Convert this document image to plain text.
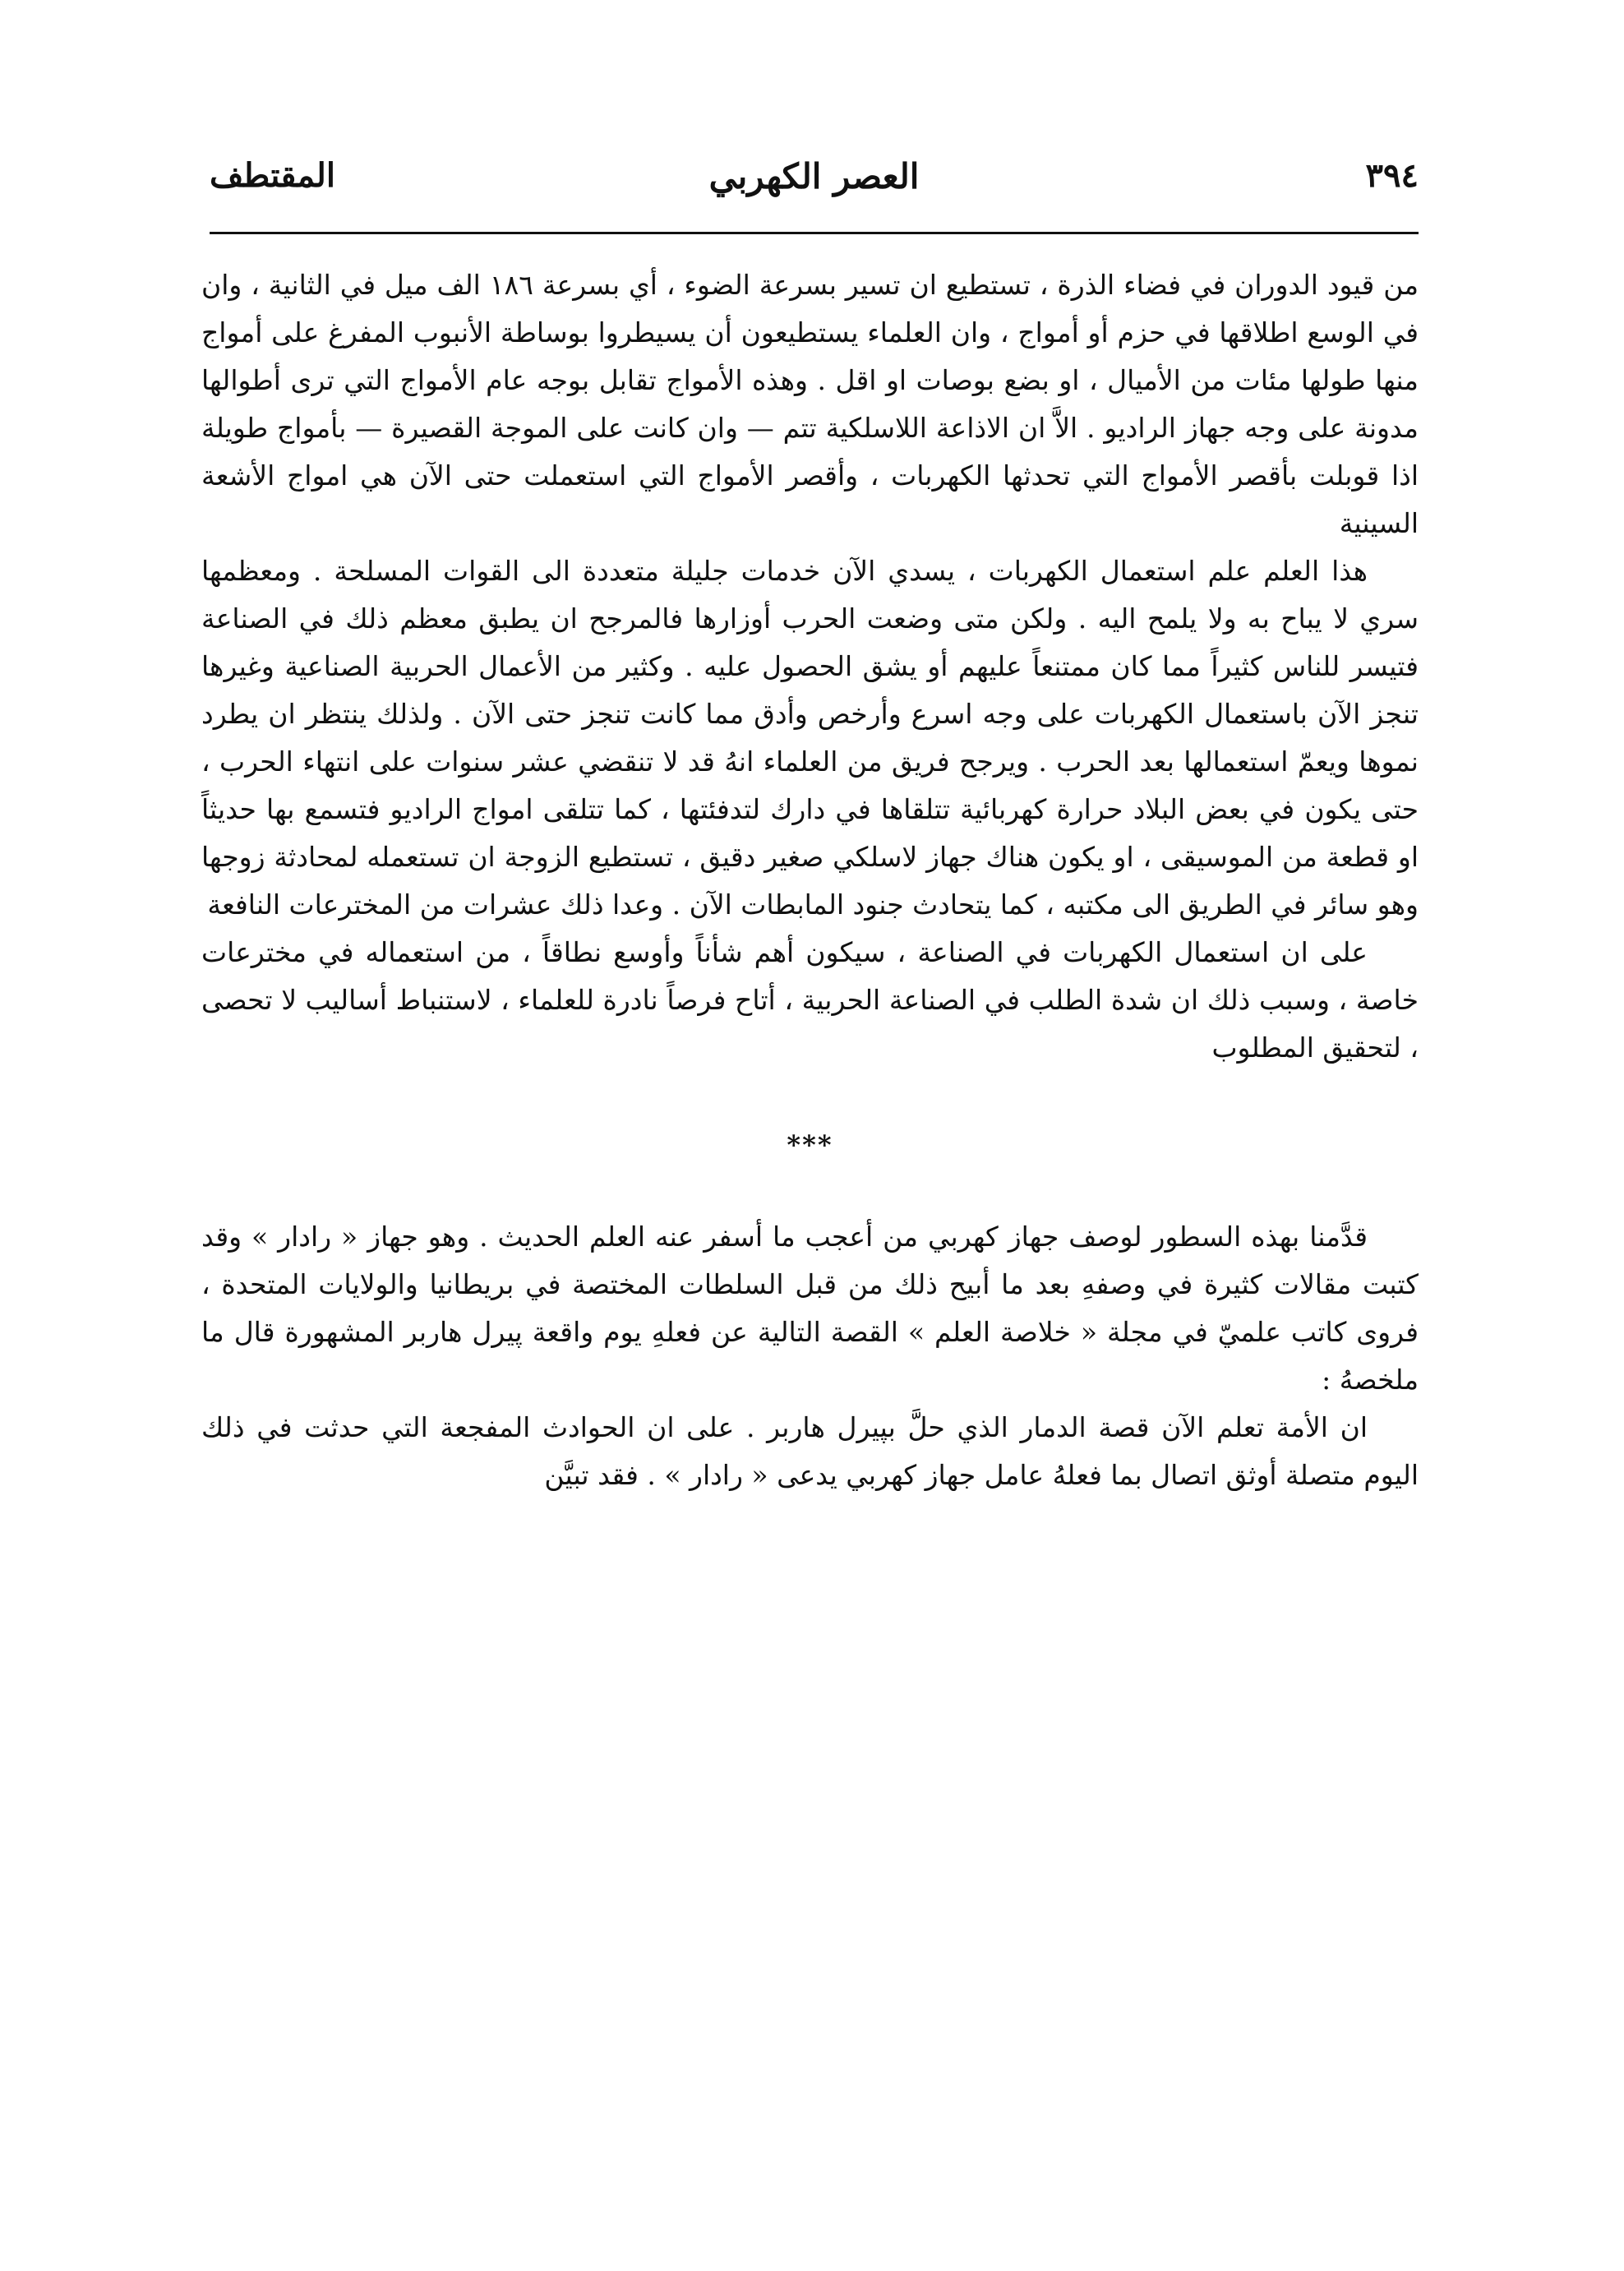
٣٩٤
العصر الكهربي
المقتطف

من قيود الدوران في فضاء الذرة ، تستطيع ان تسير بسرعة الضوء ، أي بسرعة ١٨٦ الف ميل في الثانية ، وان في الوسع اطلاقها في حزم أو أمواج ، وان العلماء يستطيعون أن يسيطروا بوساطة الأنبوب المفرغ على أمواج منها طولها مئات من الأميال ، او بضع بوصات او اقل . وهذه الأمواج تقابل بوجه عام الأمواج التي ترى أطوالها مدونة على وجه جهاز الراديو . الاَّ ان الاذاعة اللاسلكية تتم — وان كانت على الموجة القصيرة — بأمواج طويلة اذا قوبلت بأقصر الأمواج التي تحدثها الكهربات ، وأقصر الأمواج التي استعملت حتى الآن هي امواج الأشعة السينية

هذا العلم علم استعمال الكهربات ، يسدي الآن خدمات جليلة متعددة الى القوات المسلحة . ومعظمها سري لا يباح به ولا يلمح اليه . ولكن متى وضعت الحرب أوزارها فالمرجح ان يطبق معظم ذلك في الصناعة فتيسر للناس كثيراً مما كان ممتنعاً عليهم أو يشق الحصول عليه . وكثير من الأعمال الحربية الصناعية وغيرها تنجز الآن باستعمال الكهربات على وجه اسرع وأرخص وأدق مما كانت تنجز حتى الآن . ولذلك ينتظر ان يطرد نموها ويعمّ استعمالها بعد الحرب . ويرجح فريق من العلماء انهُ قد لا تنقضي عشر سنوات على انتهاء الحرب ، حتى يكون في بعض البلاد حرارة كهربائية تتلقاها في دارك لتدفئتها ، كما تتلقى امواج الراديو فتسمع بها حديثاً او قطعة من الموسيقى ، او يكون هناك جهاز لاسلكي صغير دقيق ، تستطيع الزوجة ان تستعمله لمحادثة زوجها وهو سائر في الطريق الى مكتبه ، كما يتحادث جنود المابطات الآن . وعدا ذلك عشرات من المخترعات النافعة

على ان استعمال الكهربات في الصناعة ، سيكون أهم شأناً وأوسع نطاقاً ، من استعماله في مخترعات خاصة ، وسبب ذلك ان شدة الطلب في الصناعة الحربية ، أتاح فرصاً نادرة للعلماء ، لاستنباط أساليب لا تحصى ، لتحقيق المطلوب

***

قدَّمنا بهذه السطور لوصف جهاز كهربي من أعجب ما أسفر عنه العلم الحديث . وهو جهاز « رادار » وقد كتبت مقالات كثيرة في وصفهِ بعد ما أبيح ذلك من قبل السلطات المختصة في بريطانيا والولايات المتحدة ، فروى كاتب علميّ في مجلة « خلاصة العلم » القصة التالية عن فعلهِ يوم واقعة پيرل هاربر المشهورة قال ما ملخصهُ :

ان الأمة تعلم الآن قصة الدمار الذي حلَّ بپيرل هاربر . على ان الحوادث المفجعة التي حدثت في ذلك اليوم متصلة أوثق اتصال بما فعلهُ عامل جهاز كهربي يدعى « رادار » . فقد تبيَّن
